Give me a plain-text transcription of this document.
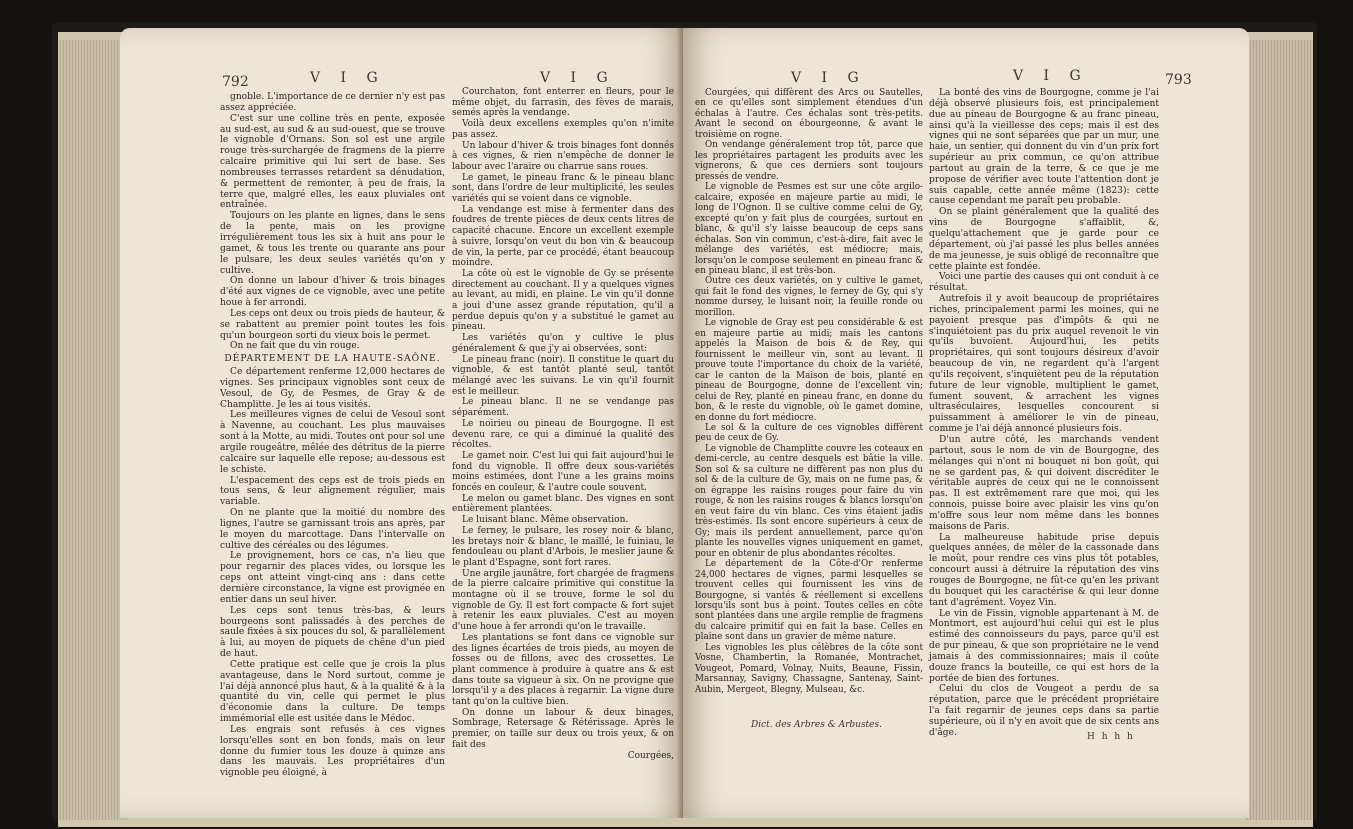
792	V I G	V I G

gnoble. L'importance de ce dernier n'y est pas assez appréciée.

C'est sur une colline très en pente, exposée au sud-est, au sud & au sud-ouest, que se trouve le vignoble d'Ornans. Son sol est une argile rouge très-surchargée de fragmens de la pierre calcaire primitive qui lui sert de base. Ses nombreuses terrasses retardent sa dénudation, & permettent de remonter, à peu de frais, la terre que, malgré elles, les eaux pluviales ont entraînée.

Toujours on les plante en lignes, dans le sens de la pente, mais on les provigne irrégulièrement tous les six à huit ans pour le gamet, & tous les trente ou quarante ans pour le pulsare, les deux seules variétés qu'on y cultive.

On donne un labour d'hiver & trois binages d'été aux vignes de ce vignoble, avec une petite houe à fer arrondi.

Les ceps ont deux ou trois pieds de hauteur, & se rabattent au premier point toutes les fois qu'un bourgeon sorti du vieux bois le permet.

On ne fait que du vin rouge.

DÉPARTEMENT DE LA HAUTE-SAÔNE.

Ce département renferme 12,000 hectares de vignes. Ses principaux vignobles sont ceux de Vesoul, de Gy, de Pesmes, de Gray & de Champlitte. Je les ai tous visités.

Les meilleures vignes de celui de Vesoul sont à Navenne, au couchant. Les plus mauvaises sont à la Motte, au midi. Toutes ont pour sol une argile rougeâtre, mêlée des détritus de la pierre calcaire sur laquelle elle repose; au-dessous est le schiste.

L'espacement des ceps est de trois pieds en tous sens, & leur alignement régulier, mais variable.

On ne plante que la moitié du nombre des lignes, l'autre se garnissant trois ans après, par le moyen du marcottage. Dans l'intervalle on cultive des céréales ou des légumes.

Le provignement, hors ce cas, n'a lieu que pour regarnir des places vides, ou lorsque les ceps ont atteint vingt-cinq ans : dans cette dernière circonstance, la vigne est provignée en entier dans un seul hiver.

Les ceps sont tenus très-bas, & leurs bourgeons sont palissadés à des perches de saule fixées à six pouces du sol, & parallèlement à lui, au moyen de piquets de chêne d'un pied de haut.

Cette pratique est celle que je crois la plus avantageuse, dans le Nord surtout, comme je l'ai déjà annoncé plus haut, & à la qualité & à la quantité du vin, celle qui permet le plus d'économie dans la culture. De temps immémorial elle est usitée dans le Médoc.

Les engrais sont refusés à ces vignes lorsqu'elles sont en bon fonds, mais on leur donne du fumier tous les douze à quinze ans dans les mauvais. Les propriétaires d'un vignoble peu éloigné, à

Courchaton, font enterrer en fleurs, pour le même objet, du farrasin, des fèves de marais, semés après la vendange.

Voilà deux excellens exemples qu'on n'imite pas assez.

Un labour d'hiver & trois binages font donnés à ces vignes, & rien n'empêche de donner le labour avec l'araire ou charrue sans roues.

Le gamet, le pineau franc & le pineau blanc sont, dans l'ordre de leur multiplicité, les seules variétés qui se voient dans ce vignoble.

La vendange est mise à fermenter dans des foudres de trente pièces de deux cents litres de capacité chacune. Encore un excellent exemple à suivre, lorsqu'on veut du bon vin & beaucoup de vin, la perte, par ce procédé, étant beaucoup moindre.

La côte où est le vignoble de Gy se présente directement au couchant. Il y a quelques vignes au levant, au midi, en plaine. Le vin qu'il donne a joui d'une assez grande réputation, qu'il a perdue depuis qu'on y a substitué le gamet au pineau.

Les variétés qu'on y cultive le plus généralement & que j'y ai observées, sont:

Le pineau franc (noir). Il constitue le quart du vignoble, & est tantôt planté seul, tantôt mélangé avec les suivans. Le vin qu'il fournit est le meilleur.

Le pineau blanc. Il ne se vendange pas séparément.

Le noirieu ou pineau de Bourgogne. Il est devenu rare, ce qui a diminué la qualité des récoltes.

Le gamet noir. C'est lui qui fait aujourd'hui le fond du vignoble. Il offre deux sous-variétés moins estimées, dont l'une a les grains moins foncés en couleur, & l'autre coule souvent.

Le melon ou gamet blanc. Des vignes en sont entièrement plantées.

Le luisant blanc. Même observation.

Le ferney, le pulsare, les rosey noir & blanc, les bretays noir & blanc, le maillé, le fuiniau, le fendouleau ou plant d'Arbois, le meslier jaune & le plant d'Espagne, sont fort rares.

Une argile jaunâtre, fort chargée de fragmens de la pierre calcaire primitive qui constitue la montagne où il se trouve, forme le sol du vignoble de Gy. Il est fort compacte & fort sujet à retenir les eaux pluviales. C'est au moyen d'une houe à fer arrondi qu'on le travaille.

Les plantations se font dans ce vignoble sur des lignes écartées de trois pieds, au moyen de fosses ou de fillons, avec des crossettes. Le plant commence à produire à quatre ans & est dans toute sa vigueur à six. On ne provigne que lorsqu'il y a des places à regarnir. La vigne dure tant qu'on la cultive bien.

On donne un labour & deux binages, Sombrage, Retersage & Rétérissage. Après le premier, on taille sur deux ou trois yeux, & on fait des

Courgées,
V I G	V I G	793

Courgées, qui diffèrent des Arcs ou Sautelles, en ce qu'elles sont simplement étendues d'un échalas à l'autre. Ces échalas sont très-petits. Avant le second on ébourgeonne, & avant le troisième on rogne.

On vendange généralement trop tôt, parce que les propriétaires partagent les produits avec les vignerons, & que ces derniers sont toujours pressés de vendre.

Le vignoble de Pesmes est sur une côte argilo-calcaire, exposée en majeure partie au midi, le long de l'Ognon. Il se cultive comme celui de Gy, excepté qu'on y fait plus de courgées, surtout en blanc, & qu'il s'y laisse beaucoup de ceps sans échalas. Son vin commun, c'est-à-dire, fait avec le mélange des variétés, est médiocre; mais, lorsqu'on le compose seulement en pineau franc & en pineau blanc, il est très-bon.

Outre ces deux variétés, on y cultive le gamet, qui fait le fond des vignes, le ferney de Gy, qui s'y nomme dursey, le luisant noir, la feuille ronde ou morillon.

Le vignoble de Gray est peu considérable & est en majeure partie au midi; mais les cantons appelés la Maison de bois & de Rey, qui fournissent le meilleur vin, sont au levant. Il prouve toute l'importance du choix de la variété, car le canton de la Maison de bois, planté en pineau de Bourgogne, donne de l'excellent vin; celui de Rey, planté en pineau franc, en donne du bon, & le reste du vignoble, où le gamet domine, en donne du fort médiocre.

Le sol & la culture de ces vignobles diffèrent peu de ceux de Gy.

Le vignoble de Champlitte couvre les coteaux en demi-cercle, au centre desquels est bâtie la ville. Son sol & sa culture ne diffèrent pas non plus du sol & de la culture de Gy, mais on ne fume pas, & on égrappe les raisins rouges pour faire du vin rouge, & non les raisins rouges & blancs lorsqu'on en veut faire du vin blanc. Ces vins étaient jadis très-estimés. Ils sont encore supérieurs à ceux de Gy; mais ils perdent annuellement, parce qu'on plante les nouvelles vignes uniquement en gamet, pour en obtenir de plus abondantes récoltes.

Le département de la Côte-d'Or renferme 24,000 hectares de vignes, parmi lesquelles se trouvent celles qui fournissent les vins de Bourgogne, si vantés & réellement si excellens lorsqu'ils sont bus à point. Toutes celles en côte sont plantées dans une argile remplie de fragmens du calcaire primitif qui en fait la base. Celles en plaine sont dans un gravier de même nature.

Les vignobles les plus célèbres de la côte sont Vosne, Chambertin, la Romanée, Montrachet, Vougeot, Pomard, Volnay, Nuits, Beaune, Fissin, Marsannay, Savigny, Chassagne, Santenay, Saint-Aubin, Mergeot, Blegny, Mulseau, &c.

La bonté des vins de Bourgogne, comme je l'ai déjà observé plusieurs fois, est principalement due au pineau de Bourgogne & au franc pineau, ainsi qu'à la vieillesse des ceps; mais il est des vignes qui ne sont séparées que par un mur, une haie, un sentier, qui donnent du vin d'un prix fort supérieur au prix commun, ce qu'on attribue partout au grain de la terre, & ce que je me propose de vérifier avec toute l'attention dont je suis capable, cette année même (1823): cette cause cependant me paraît peu probable.

On se plaint généralement que la qualité des vins de Bourgogne s'affaiblit, &, quelqu'attachement que je garde pour ce département, où j'ai passé les plus belles années de ma jeunesse, je suis obligé de reconnaître que cette plainte est fondée.

Voici une partie des causes qui ont conduit à ce résultat.

Autrefois il y avoit beaucoup de propriétaires riches, principalement parmi les moines, qui ne payoient presque pas d'impôts & qui ne s'inquiétoient pas du prix auquel revenoit le vin qu'ils buvoient. Aujourd'hui, les petits propriétaires, qui sont toujours désireux d'avoir beaucoup de vin, ne regardent qu'à l'argent qu'ils reçoivent, s'inquiètent peu de la réputation future de leur vignoble, multiplient le gamet, fument souvent, & arrachent les vignes ultraséculaires, lesquelles concourent si puissamment à améliorer le vin de pineau, comme je l'ai déjà annoncé plusieurs fois.

D'un autre côté, les marchands vendent partout, sous le nom de vin de Bourgogne, des mélanges qui n'ont ni bouquet ni bon goût, qui ne se gardent pas, & qui doivent discréditer le véritable auprès de ceux qui ne le connoissent pas. Il est extrêmement rare que moi, qui les connois, puisse boire avec plaisir les vins qu'on m'offre sous leur nom même dans les bonnes maisons de Paris.

La malheureuse habitude prise depuis quelques années, de mêler de la cassonade dans le moût, pour rendre ces vins plus tôt potables, concourt aussi à détruire la réputation des vins rouges de Bourgogne, ne fût-ce qu'en les privant du bouquet qui les caractérise & qui leur donne tant d'agrément. Voyez Vin.

Le vin de Fissin, vignoble appartenant à M. de Montmort, est aujourd'hui celui qui est le plus estimé des connoisseurs du pays, parce qu'il est de pur pineau, & que son propriétaire ne le vend jamais à des commissionnaires; mais il coûte douze francs la bouteille, ce qui est hors de la portée de bien des fortunes.

Celui du clos de Vougeot a perdu de sa réputation, parce que le précédent propriétaire l'a fait regarnir de jeunes ceps dans sa partie supérieure, où il n'y en avoit que de six cents ans d'âge.

Dict. des Arbres & Arbustes.
H h h h
